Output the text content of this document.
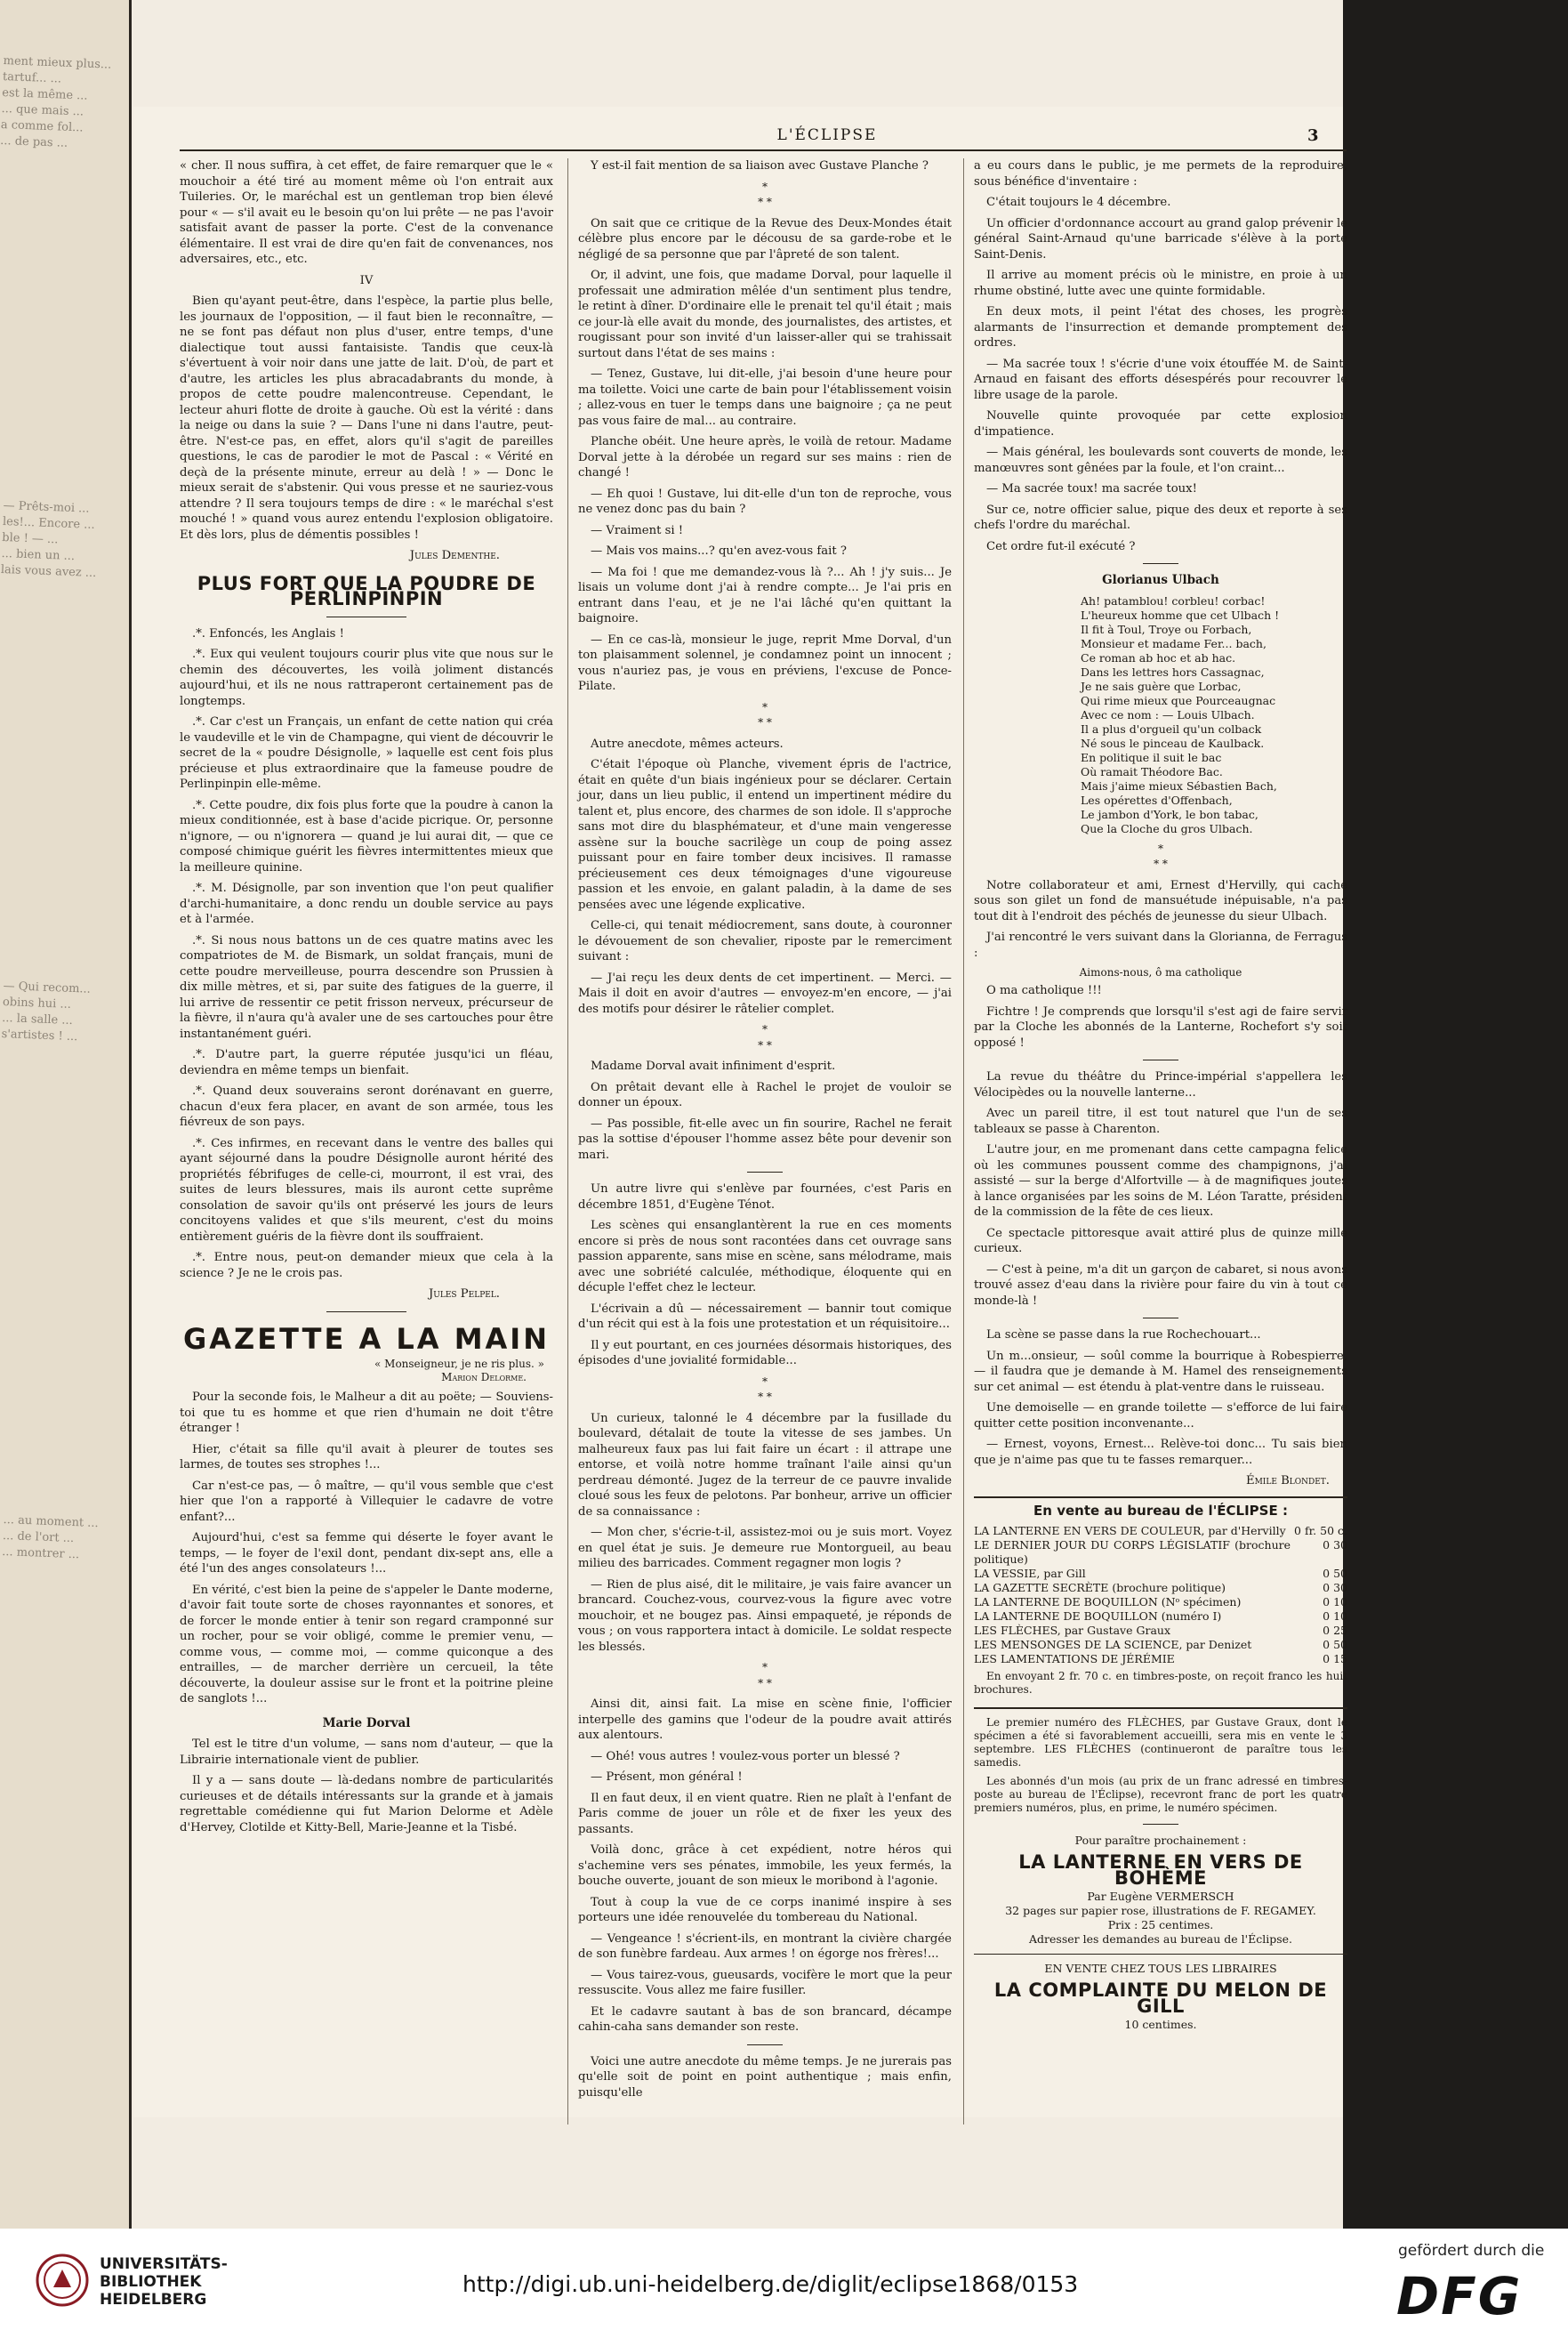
ment mieux plus...
tartuf... ...
est la même ...
... que mais ...
a comme fol...
... de pas ...
— Prêts-moi ...
les!... Encore ...
ble ! — ...
... bien un ...
lais vous avez ...
— Qui recom...
obins hui ...
... la salle ...
s'artistes ! ...
... au moment ...
... de l'ort ...
... montrer ...
L'ÉCLIPSE	3

« cher. Il nous suffira, à cet effet, de faire remarquer que le « mouchoir a été tiré au moment même où l'on entrait aux Tuileries. Or, le maréchal est un gentleman trop bien élevé pour « — s'il avait eu le besoin qu'on lui prête — ne pas l'avoir satisfait avant de passer la porte. C'est de la convenance élémentaire. Il est vrai de dire qu'en fait de convenances, nos adversaires, etc., etc.

IV

Bien qu'ayant peut-être, dans l'espèce, la partie plus belle, les journaux de l'opposition, — il faut bien le reconnaître, — ne se font pas défaut non plus d'user, entre temps, d'une dialectique tout aussi fantaisiste. Tandis que ceux-là s'évertuent à voir noir dans une jatte de lait. D'où, de part et d'autre, les articles les plus abracadabrants du monde, à propos de cette poudre malencontreuse. Cependant, le lecteur ahuri flotte de droite à gauche. Où est la vérité : dans la neige ou dans la suie ? — Dans l'une ni dans l'autre, peut-être. N'est-ce pas, en effet, alors qu'il s'agit de pareilles questions, le cas de parodier le mot de Pascal : « Vérité en deçà de la présente minute, erreur au delà ! » — Donc le mieux serait de s'abstenir. Qui vous presse et ne sauriez-vous attendre ? Il sera toujours temps de dire : « le maréchal s'est mouché ! » quand vous aurez entendu l'explosion obligatoire. Et dès lors, plus de démentis possibles !

Jules Dementhe.
PLUS FORT QUE LA POUDRE DE PERLINPINPIN

.*. Enfoncés, les Anglais !

.*. Eux qui veulent toujours courir plus vite que nous sur le chemin des découvertes, les voilà joliment distancés aujourd'hui, et ils ne nous rattraperont certainement pas de longtemps.

.*. Car c'est un Français, un enfant de cette nation qui créa le vaudeville et le vin de Champagne, qui vient de découvrir le secret de la « poudre Désignolle, » laquelle est cent fois plus précieuse et plus extraordinaire que la fameuse poudre de Perlinpinpin elle-même.

.*. Cette poudre, dix fois plus forte que la poudre à canon la mieux conditionnée, est à base d'acide picrique. Or, personne n'ignore, — ou n'ignorera — quand je lui aurai dit, — que ce composé chimique guérit les fièvres intermittentes mieux que la meilleure quinine.

.*. M. Désignolle, par son invention que l'on peut qualifier d'archi-humanitaire, a donc rendu un double service au pays et à l'armée.

.*. Si nous nous battons un de ces quatre matins avec les compatriotes de M. de Bismark, un soldat français, muni de cette poudre merveilleuse, pourra descendre son Prussien à dix mille mètres, et si, par suite des fatigues de la guerre, il lui arrive de ressentir ce petit frisson nerveux, précurseur de la fièvre, il n'aura qu'à avaler une de ses cartouches pour être instantanément guéri.

.*. D'autre part, la guerre réputée jusqu'ici un fléau, deviendra en même temps un bienfait.

.*. Quand deux souverains seront dorénavant en guerre, chacun d'eux fera placer, en avant de son armée, tous les fiévreux de son pays.

.*. Ces infirmes, en recevant dans le ventre des balles qui ayant séjourné dans la poudre Désignolle auront hérité des propriétés fébrifuges de celle-ci, mourront, il est vrai, des suites de leurs blessures, mais ils auront cette suprême consolation de savoir qu'ils ont préservé les jours de leurs concitoyens valides et que s'ils meurent, c'est du moins entièrement guéris de la fièvre dont ils souffraient.

.*. Entre nous, peut-on demander mieux que cela à la science ? Je ne le crois pas.

Jules Pelpel.
GAZETTE A LA MAIN
« Monseigneur, je ne ris plus. »
Marion Delorme.

Pour la seconde fois, le Malheur a dit au poëte; — Souviens-toi que tu es homme et que rien d'humain ne doit t'être étranger !

Hier, c'était sa fille qu'il avait à pleurer de toutes ses larmes, de toutes ses strophes !...

Car n'est-ce pas, — ô maître, — qu'il vous semble que c'est hier que l'on a rapporté à Villequier le cadavre de votre enfant?...

Aujourd'hui, c'est sa femme qui déserte le foyer avant le temps, — le foyer de l'exil dont, pendant dix-sept ans, elle a été l'un des anges consolateurs !...

En vérité, c'est bien la peine de s'appeler le Dante moderne, d'avoir fait toute sorte de choses rayonnantes et sonores, et de forcer le monde entier à tenir son regard cramponné sur un rocher, pour se voir obligé, comme le premier venu, — comme vous, — comme moi, — comme quiconque a des entrailles, — de marcher derrière un cercueil, la tête découverte, la douleur assise sur le front et la poitrine pleine de sanglots !...

Marie Dorval

Tel est le titre d'un volume, — sans nom d'auteur, — que la Librairie internationale vient de publier.

Il y a — sans doute — là-dedans nombre de particularités curieuses et de détails intéressants sur la grande et à jamais regrettable comédienne qui fut Marion Delorme et Adèle d'Hervey, Clotilde et Kitty-Bell, Marie-Jeanne et la Tisbé.

Y est-il fait mention de sa liaison avec Gustave Planche ?

*
* *

On sait que ce critique de la Revue des Deux-Mondes était célèbre plus encore par le décousu de sa garde-robe et le négligé de sa personne que par l'âpreté de son talent.

Or, il advint, une fois, que madame Dorval, pour laquelle il professait une admiration mêlée d'un sentiment plus tendre, le retint à dîner. D'ordinaire elle le prenait tel qu'il était ; mais ce jour-là elle avait du monde, des journalistes, des artistes, et rougissant pour son invité d'un laisser-aller qui se trahissait surtout dans l'état de ses mains :

— Tenez, Gustave, lui dit-elle, j'ai besoin d'une heure pour ma toilette. Voici une carte de bain pour l'établissement voisin ; allez-vous en tuer le temps dans une baignoire ; ça ne peut pas vous faire de mal... au contraire.

Planche obéit. Une heure après, le voilà de retour. Madame Dorval jette à la dérobée un regard sur ses mains : rien de changé !

— Eh quoi ! Gustave, lui dit-elle d'un ton de reproche, vous ne venez donc pas du bain ?

— Vraiment si !

— Mais vos mains...? qu'en avez-vous fait ?

— Ma foi ! que me demandez-vous là ?... Ah ! j'y suis... Je lisais un volume dont j'ai à rendre compte... Je l'ai pris en entrant dans l'eau, et je ne l'ai lâché qu'en quittant la baignoire.

— En ce cas-là, monsieur le juge, reprit Mme Dorval, d'un ton plaisamment solennel, je condamnez point un innocent ; vous n'auriez pas, je vous en préviens, l'excuse de Ponce-Pilate.

*
* *

Autre anecdote, mêmes acteurs.

C'était l'époque où Planche, vivement épris de l'actrice, était en quête d'un biais ingénieux pour se déclarer. Certain jour, dans un lieu public, il entend un impertinent médire du talent et, plus encore, des charmes de son idole. Il s'approche sans mot dire du blasphémateur, et d'une main vengeresse assène sur la bouche sacrilège un coup de poing assez puissant pour en faire tomber deux incisives. Il ramasse précieusement ces deux témoignages d'une vigoureuse passion et les envoie, en galant paladin, à la dame de ses pensées avec une légende explicative.

Celle-ci, qui tenait médiocrement, sans doute, à couronner le dévouement de son chevalier, riposte par le remerciment suivant :

— J'ai reçu les deux dents de cet impertinent. — Merci. — Mais il doit en avoir d'autres — envoyez-m'en encore, — j'ai des motifs pour désirer le râtelier complet.

*
* *

Madame Dorval avait infiniment d'esprit.

On prêtait devant elle à Rachel le projet de vouloir se donner un époux.

— Pas possible, fit-elle avec un fin sourire, Rachel ne ferait pas la sottise d'épouser l'homme assez bête pour devenir son mari.

Un autre livre qui s'enlève par fournées, c'est Paris en décembre 1851, d'Eugène Ténot.

Les scènes qui ensanglantèrent la rue en ces moments encore si près de nous sont racontées dans cet ouvrage sans passion apparente, sans mise en scène, sans mélodrame, mais avec une sobriété calculée, méthodique, éloquente qui en décuple l'effet chez le lecteur.

L'écrivain a dû — nécessairement — bannir tout comique d'un récit qui est à la fois une protestation et un réquisitoire...

Il y eut pourtant, en ces journées désormais historiques, des épisodes d'une jovialité formidable...

*
* *

Un curieux, talonné le 4 décembre par la fusillade du boulevard, détalait de toute la vitesse de ses jambes. Un malheureux faux pas lui fait faire un écart : il attrape une entorse, et voilà notre homme traînant l'aile ainsi qu'un perdreau démonté. Jugez de la terreur de ce pauvre invalide cloué sous les feux de pelotons. Par bonheur, arrive un officier de sa connaissance :

— Mon cher, s'écrie-t-il, assistez-moi ou je suis mort. Voyez en quel état je suis. Je demeure rue Montorgueil, au beau milieu des barricades. Comment regagner mon logis ?

— Rien de plus aisé, dit le militaire, je vais faire avancer un brancard. Couchez-vous, courvez-vous la figure avec votre mouchoir, et ne bougez pas. Ainsi empaqueté, je réponds de vous ; on vous rapportera intact à domicile. Le soldat respecte les blessés.

*
* *

Ainsi dit, ainsi fait. La mise en scène finie, l'officier interpelle des gamins que l'odeur de la poudre avait attirés aux alentours.

— Ohé! vous autres ! voulez-vous porter un blessé ?

— Présent, mon général !

Il en faut deux, il en vient quatre. Rien ne plaît à l'enfant de Paris comme de jouer un rôle et de fixer les yeux des passants.

Voilà donc, grâce à cet expédient, notre héros qui s'achemine vers ses pénates, immobile, les yeux fermés, la bouche ouverte, jouant de son mieux le moribond à l'agonie.

Tout à coup la vue de ce corps inanimé inspire à ses porteurs une idée renouvelée du tombereau du National.

— Vengeance ! s'écrient-ils, en montrant la civière chargée de son funèbre fardeau. Aux armes ! on égorge nos frères!...

— Vous tairez-vous, gueusards, vocifère le mort que la peur ressuscite. Vous allez me faire fusiller.

Et le cadavre sautant à bas de son brancard, décampe cahin-caha sans demander son reste.

Voici une autre anecdote du même temps. Je ne jurerais pas qu'elle soit de point en point authentique ; mais enfin, puisqu'elle

a eu cours dans le public, je me permets de la reproduire, sous bénéfice d'inventaire :

C'était toujours le 4 décembre.

Un officier d'ordonnance accourt au grand galop prévenir le général Saint-Arnaud qu'une barricade s'élève à la porte Saint-Denis.

Il arrive au moment précis où le ministre, en proie à un rhume obstiné, lutte avec une quinte formidable.

En deux mots, il peint l'état des choses, les progrès alarmants de l'insurrection et demande promptement des ordres.

— Ma sacrée toux ! s'écrie d'une voix étouffée M. de Saint-Arnaud en faisant des efforts désespérés pour recouvrer le libre usage de la parole.

Nouvelle quinte provoquée par cette explosion d'impatience.

— Mais général, les boulevards sont couverts de monde, les manœuvres sont gênées par la foule, et l'on craint...

— Ma sacrée toux! ma sacrée toux!

Sur ce, notre officier salue, pique des deux et reporte à ses chefs l'ordre du maréchal.

Cet ordre fut-il exécuté ?

Glorianus Ulbach
Ah! patamblou! corbleu! corbac!
L'heureux homme que cet Ulbach !
Il fit à Toul, Troye ou Forbach,
Monsieur et madame Fer... bach,
Ce roman ab hoc et ab hac.
Dans les lettres hors Cassagnac,
Je ne sais guère que Lorbac,
Qui rime mieux que Pourceaugnac
Avec ce nom : — Louis Ulbach.
Il a plus d'orgueil qu'un colback
Né sous le pinceau de Kaulback.
En politique il suit le bac
Où ramait Théodore Bac.
Mais j'aime mieux Sébastien Bach,
Les opérettes d'Offenbach,
Le jambon d'York, le bon tabac,
Que la Cloche du gros Ulbach.
*
* *

Notre collaborateur et ami, Ernest d'Hervilly, qui cache sous son gilet un fond de mansuétude inépuisable, n'a pas tout dit à l'endroit des péchés de jeunesse du sieur Ulbach.

J'ai rencontré le vers suivant dans la Glorianna, de Ferragus :

Aimons-nous, ô ma catholique

O ma catholique !!!

Fichtre ! Je comprends que lorsqu'il s'est agi de faire servir par la Cloche les abonnés de la Lanterne, Rochefort s'y soit opposé !

La revue du théâtre du Prince-impérial s'appellera les Vélocipèdes ou la nouvelle lanterne...

Avec un pareil titre, il est tout naturel que l'un de ses tableaux se passe à Charenton.

L'autre jour, en me promenant dans cette campagna felice où les communes poussent comme des champignons, j'ai assisté — sur la berge d'Alfortville — à de magnifiques joutes à lance organisées par les soins de M. Léon Taratte, président de la commission de la fête de ces lieux.

Ce spectacle pittoresque avait attiré plus de quinze mille curieux.

— C'est à peine, m'a dit un garçon de cabaret, si nous avons trouvé assez d'eau dans la rivière pour faire du vin à tout ce monde-là !

La scène se passe dans la rue Rochechouart...

Un m...onsieur, — soûl comme la bourrique à Robespierre, — il faudra que je demande à M. Hamel des renseignements sur cet animal — est étendu à plat-ventre dans le ruisseau.

Une demoiselle — en grande toilette — s'efforce de lui faire quitter cette position inconvenante...

— Ernest, voyons, Ernest... Relève-toi donc... Tu sais bien que je n'aime pas que tu te fasses remarquer...

Émile Blondet.
En vente au bureau de l'ÉCLIPSE :
LA LANTERNE EN VERS DE COULEUR, par d'Hervilly 0 fr. 50 c.
LE DERNIER JOUR DU CORPS LÉGISLATIF (brochure politique)
0 30
LA VESSIE, par Gill	0 50
LA GAZETTE SECRÈTE (brochure politique)	0 30
LA LANTERNE DE BOQUILLON (Nᵒ spécimen)	0 10
LA LANTERNE DE BOQUILLON (numéro I)	0 10
LES FLÈCHES, par Gustave Graux	0 25
LES MENSONGES DE LA SCIENCE, par Denizet	0 50
LES LAMENTATIONS DE JÉRÉMIE	0 15

En envoyant 2 fr. 70 c. en timbres-poste, on reçoit franco les huit brochures.

Le premier numéro des FLÈCHES, par Gustave Graux, dont le spécimen a été si favorablement accueilli, sera mis en vente le 3 septembre. LES FLÈCHES (continueront de paraître tous les samedis.

Les abonnés d'un mois (au prix de un franc adressé en timbres-poste au bureau de l'Éclipse), recevront franc de port les quatre premiers numéros, plus, en prime, le numéro spécimen.

Pour paraître prochainement :
LA LANTERNE EN VERS DE BOHÈME
Par Eugène VERMERSCH
32 pages sur papier rose, illustrations de F. REGAMEY.
Prix : 25 centimes.
Adresser les demandes au bureau de l'Éclipse.
EN VENTE CHEZ TOUS LES LIBRAIRES
LA COMPLAINTE DU MELON DE GILL
10 centimes.
UNIVERSITÄTS-
BIBLIOTHEK
HEIDELBERG
http://digi.ub.uni-heidelberg.de/diglit/eclipse1868/0153
gefördert durch die
DFG
